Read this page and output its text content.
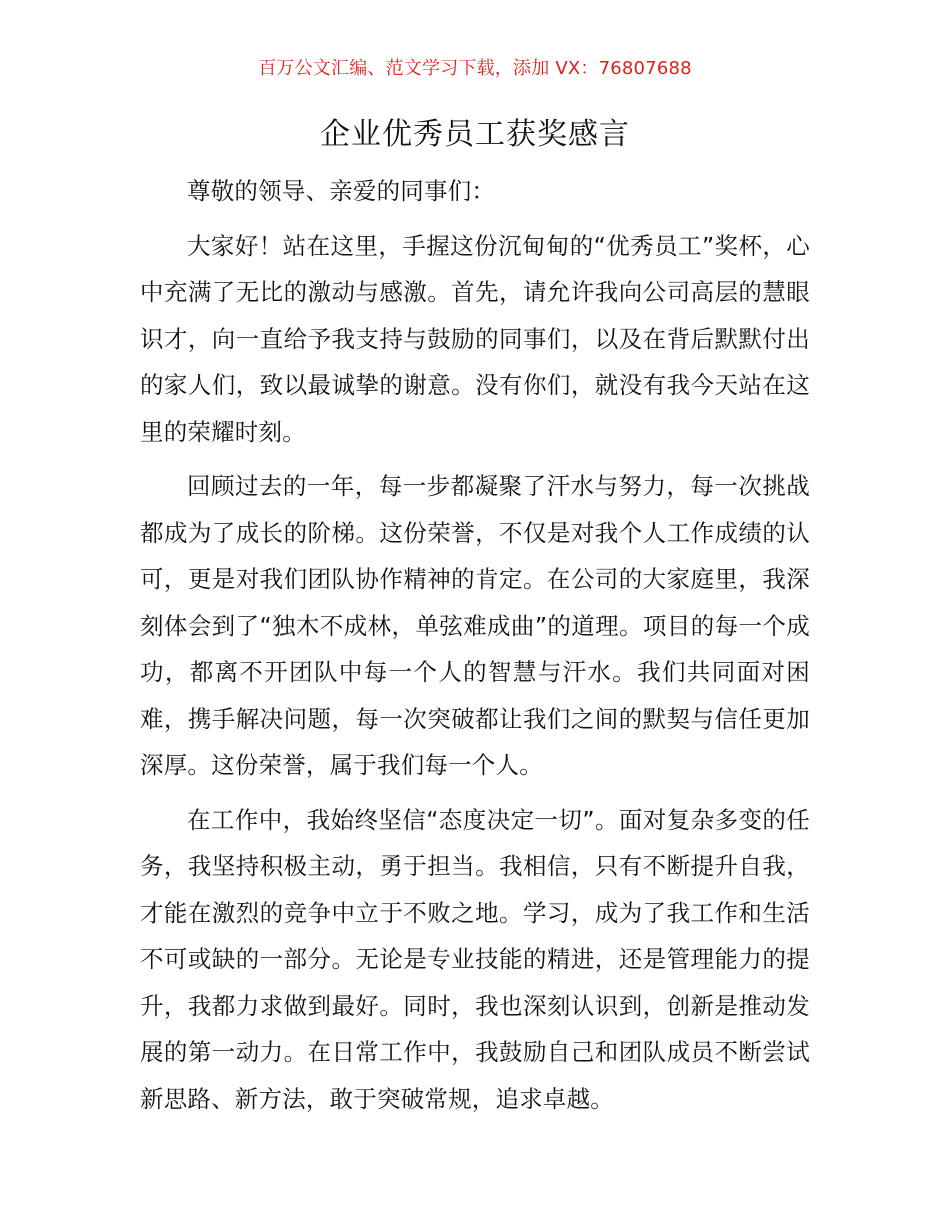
百万公文汇编、范文学习下载，添加 VX：76807688
企业优秀员工获奖感言

尊敬的领导、亲爱的同事们：

大家好！站在这里，手握这份沉甸甸的“优秀员工”奖杯，心中充满了无比的激动与感激。首先，请允许我向公司高层的慧眼识才，向一直给予我支持与鼓励的同事们，以及在背后默默付出的家人们，致以最诚挚的谢意。没有你们，就没有我今天站在这里的荣耀时刻。

回顾过去的一年，每一步都凝聚了汗水与努力，每一次挑战都成为了成长的阶梯。这份荣誉，不仅是对我个人工作成绩的认可，更是对我们团队协作精神的肯定。在公司的大家庭里，我深刻体会到了“独木不成林，单弦难成曲”的道理。项目的每一个成功，都离不开团队中每一个人的智慧与汗水。我们共同面对困难，携手解决问题，每一次突破都让我们之间的默契与信任更加深厚。这份荣誉，属于我们每一个人。

在工作中，我始终坚信“态度决定一切”。面对复杂多变的任务，我坚持积极主动，勇于担当。我相信，只有不断提升自我，才能在激烈的竞争中立于不败之地。学习，成为了我工作和生活不可或缺的一部分。无论是专业技能的精进，还是管理能力的提升，我都力求做到最好。同时，我也深刻认识到，创新是推动发展的第一动力。在日常工作中，我鼓励自己和团队成员不断尝试新思路、新方法，敢于突破常规，追求卓越。
